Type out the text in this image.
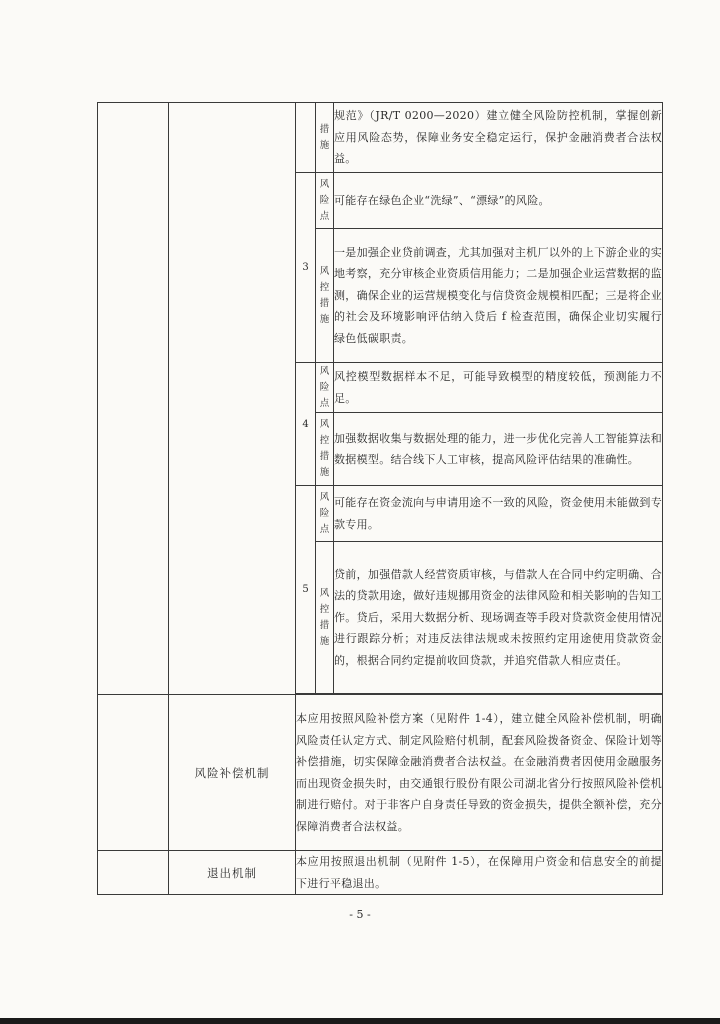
			措
施	规范》（JR/T 0200—2020）建立健全风险防控机制，掌握创新应用风险态势，保障业务安全稳定运行，保护金融消费者合法权益。
		3	风
险
点	可能存在绿色企业“洗绿”、“漂绿”的风险。

			风
控
措
施	一是加强企业贷前调查，尤其加强对主机厂以外的上下游企业的实地考察，充分审核企业资质信用能力；二是加强企业运营数据的监测，确保企业的运营规模变化与信贷资金规模相匹配；三是将企业的社会及环境影响评估纳入贷后 f 检查范围，确保企业切实履行绿色低碳职责。
		4	风
险
点	风控模型数据样本不足，可能导致模型的精度较低，预测能力不足。

			风
控
措
施	加强数据收集与数据处理的能力，进一步优化完善人工智能算法和数据模型。结合线下人工审核，提高风险评估结果的准确性。
		5	风
险
点	可能存在资金流向与申请用途不一致的风险，资金使用未能做到专款专用。

			风
控
措
施	贷前，加强借款人经营资质审核，与借款人在合同中约定明确、合法的贷款用途，做好违规挪用资金的法律风险和相关影响的告知工作。贷后，采用大数据分析、现场调查等手段对贷款资金使用情况进行跟踪分析；对违反法律法规或未按照约定用途使用贷款资金的，根据合同约定提前收回贷款，并追究借款人相应责任。

	风险补偿机制	本应用按照风险补偿方案（见附件 1-4），建立健全风险补偿机制，明确风险责任认定方式、制定风险赔付机制，配套风险拨备资金、保险计划等补偿措施，切实保障金融消费者合法权益。在金融消费者因使用金融服务而出现资金损失时，由交通银行股份有限公司湖北省分行按照风险补偿机制进行赔付。对于非客户自身责任导致的资金损失，提供全额补偿，充分保障消费者合法权益。		
	退出机制	本应用按照退出机制（见附件 1-5），在保障用户资金和信息安全的前提下进行平稳退出。		
- 5 -
